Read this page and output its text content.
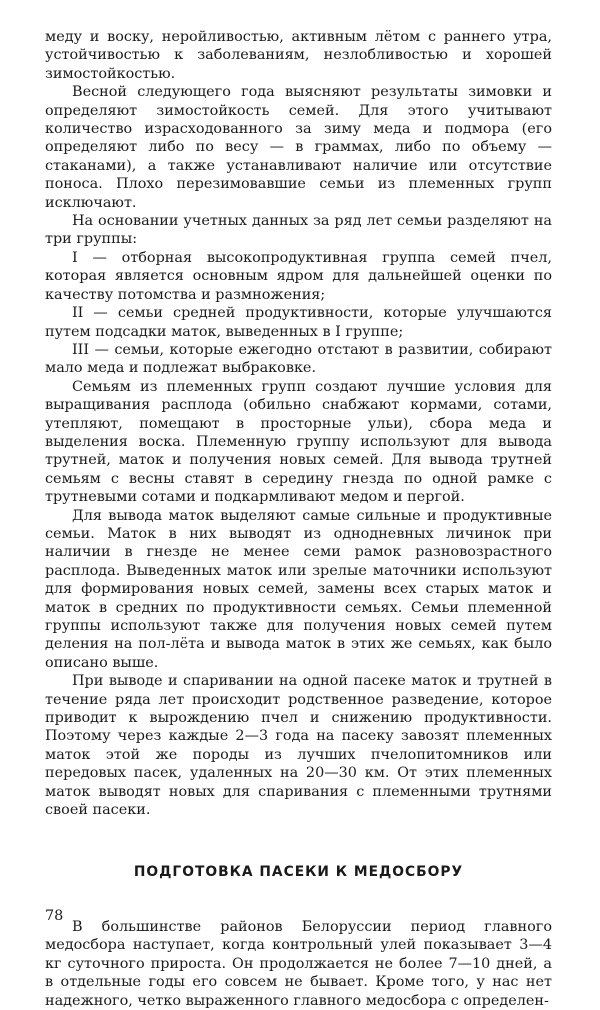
меду и воску, неройливостью, активным лётом с раннего утра, устойчивостью к заболеваниям, незлобливостью и хорошей зимостойкостью.

Весной следующего года выясняют результаты зимовки и определяют зимостойкость семей. Для этого учитывают количество израсходованного за зиму меда и подмора (его определяют либо по весу — в граммах, либо по объему — стаканами), а также устанавливают наличие или отсутствие поноса. Плохо перезимовавшие семьи из племенных групп исключают.

На основании учетных данных за ряд лет семьи разделяют на три группы:

I — отборная высокопродуктивная группа семей пчел, которая является основным ядром для дальнейшей оценки по качеству потомства и размножения;

II — семьи средней продуктивности, которые улучшаются путем подсадки маток, выведенных в I группе;

III — семьи, которые ежегодно отстают в развитии, собирают мало меда и подлежат выбраковке.

Семьям из племенных групп создают лучшие условия для выращивания расплода (обильно снабжают кормами, сотами, утепляют, помещают в просторные ульи), сбора меда и выделения воска. Племенную группу используют для вывода трутней, маток и получения новых семей. Для вывода трутней семьям с весны ставят в середину гнезда по одной рамке с трутневыми сотами и подкармливают медом и пергой.

Для вывода маток выделяют самые сильные и продуктивные семьи. Маток в них выводят из однодневных личинок при наличии в гнезде не менее семи рамок разновозрастного расплода. Выведенных маток или зрелые маточники используют для формирования новых семей, замены всех старых маток и маток в средних по продуктивности семьях. Семьи племенной группы используют также для получения новых семей путем деления на пол-лёта и вывода маток в этих же семьях, как было описано выше.

При выводе и спаривании на одной пасеке маток и трутней в течение ряда лет происходит родственное разведение, которое приводит к вырождению пчел и снижению продуктивности. Поэтому через каждые 2—3 года на пасеку завозят племенных маток этой же породы из лучших пчелопитомников или передовых пасек, удаленных на 20—30 км. От этих племенных маток выводят новых для спаривания с племенными трутнями своей пасеки.

ПОДГОТОВКА ПАСЕКИ К МЕДОСБОРУ

В большинстве районов Белоруссии период главного медосбора наступает, когда контрольный улей показывает 3—4 кг суточного прироста. Он продолжается не более 7—10 дней, а в отдельные годы его совсем не бывает. Кроме того, у нас нет надежного, четко выраженного главного медосбора с определен-

78
